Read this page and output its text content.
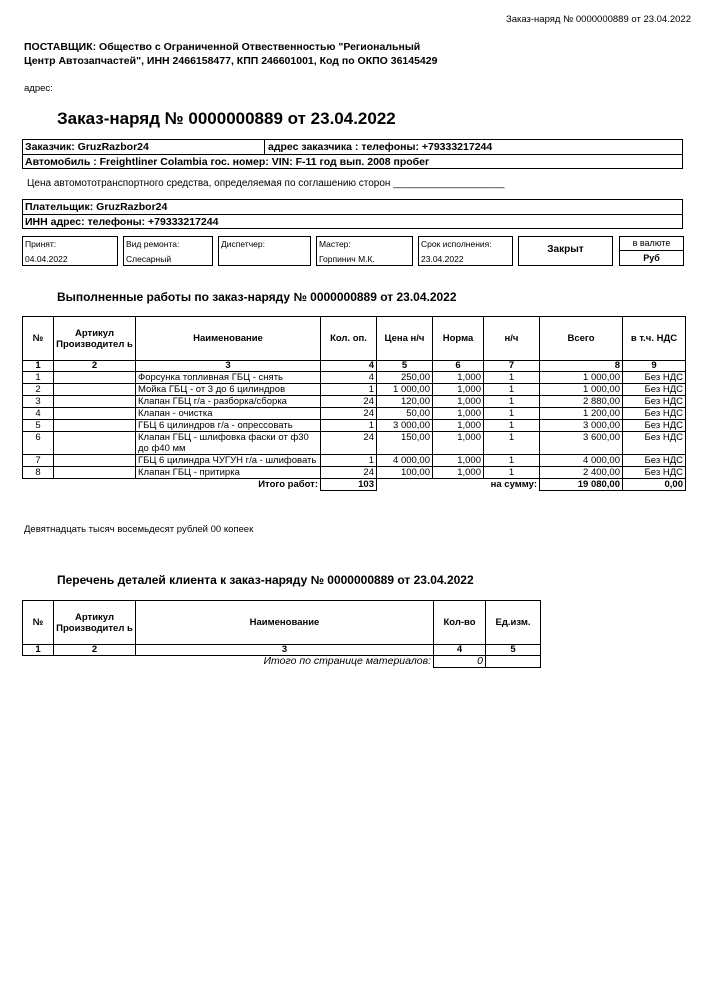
Заказ-наряд № 0000000889 от 23.04.2022
ПОСТАВЩИК: Общество с Ограниченной Отвественностью "Региональный Центр Автозапчастей", ИНН 2466158477, КПП 246601001, Код по ОКПО 36145429
адрес:
Заказ-наряд № 0000000889 от 23.04.2022
Заказчик: GruzRazbor24	адрес заказчика : телефоны: +79333217244
Автомобиль : Freightliner Colambia гос. номер: VIN: F-11 год вып. 2008 пробег
Цена автомототранспортного средства, определяемая по соглашению сторон ____________________
Плательщик: GruzRazbor24
ИНН адрес: телефоны: +79333217244
Принят:
04.04.2022
Вид ремонта:
Слесарный
Диспетчер:	Мастер:
Горпинич М.К.
Срок исполнения:
23.04.2022
Закрыт
в валюте
Руб
Выполненные работы по заказ-наряду № 0000000889 от 23.04.2022
№	Артикул Производител ь	Наименование	Кол. оп.	Цена н/ч	Норма	н/ч	Всего	в т.ч. НДС
1	2	3	4	5	6	7	8	9
1		Форсунка топливная ГБЦ - снять	4	250,00	1,000	1	1 000,00	Без НДС
2		Мойка ГБЦ - от 3 до 6 цилиндров	1	1 000,00	1,000	1	1 000,00	Без НДС
3		Клапан ГБЦ г/а - разборка/сборка	24	120,00	1,000	1	2 880,00	Без НДС
4		Клапан - очистка	24	50,00	1,000	1	1 200,00	Без НДС
5		ГБЦ 6 цилиндров г/а - опрессовать	1	3 000,00	1,000	1	3 000,00	Без НДС
6		Клапан ГБЦ - шлифовка фаски от ф30 до ф40 мм	24	150,00	1,000	1	3 600,00	Без НДС
7		ГБЦ 6 цилиндра ЧУГУН г/а - шлифовать	1	4 000,00	1,000	1	4 000,00	Без НДС
8		Клапан ГБЦ - притирка	24	100,00	1,000	1	2 400,00	Без НДС
Итого работ:			103	на сумму:			19 080,00	0,00
Девятнадцать тысяч восемьдесят рублей 00 копеек
Перечень деталей клиента к заказ-наряду № 0000000889 от 23.04.2022
№	Артикул Производител ь	Наименование	Кол-во	Ед.изм.
1	2	3	4	5
Итого по странице материалов:			0	
